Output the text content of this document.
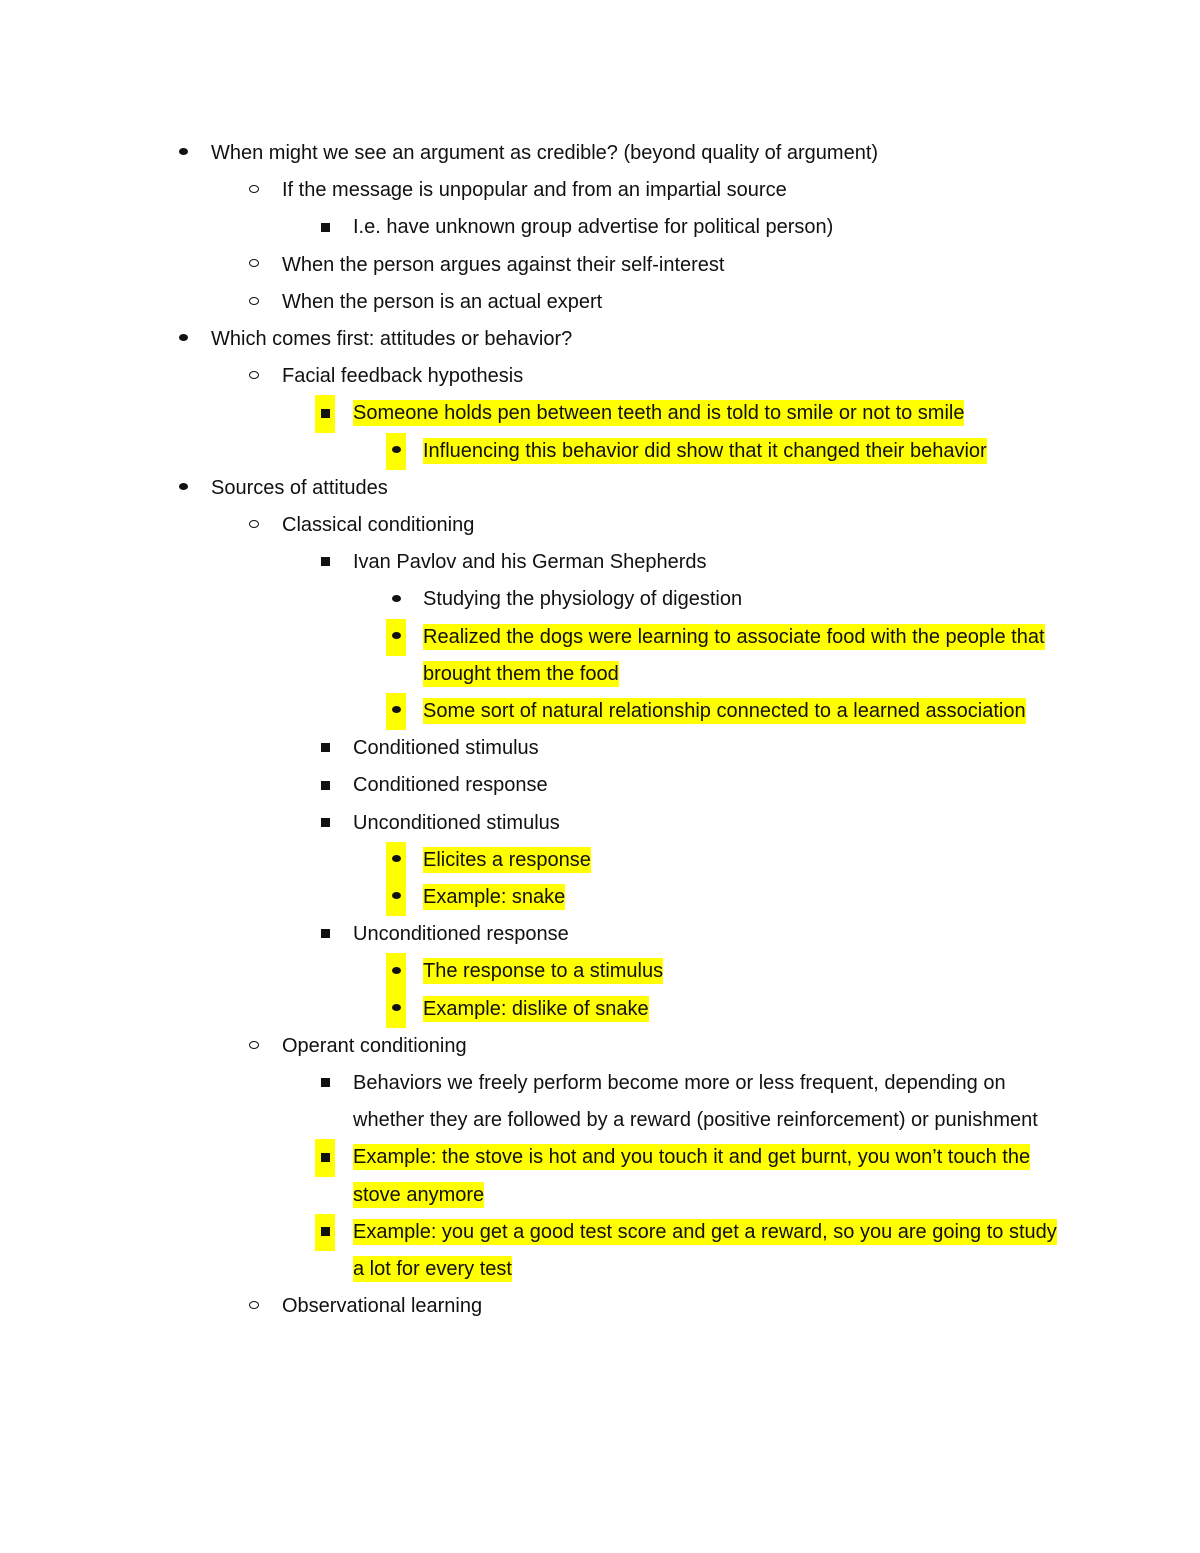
When might we see an argument as credible? (beyond quality of argument)
If the message is unpopular and from an impartial source
I.e. have unknown group advertise for political person)
When the person argues against their self-interest
When the person is an actual expert
Which comes first: attitudes or behavior?
Facial feedback hypothesis
Someone holds pen between teeth and is told to smile or not to smile
Influencing this behavior did show that it changed their behavior
Sources of attitudes
Classical conditioning
Ivan Pavlov and his German Shepherds
Studying the physiology of digestion
Realized the dogs were learning to associate food with the people that brought them the food
Some sort of natural relationship connected to a learned association
Conditioned stimulus
Conditioned response
Unconditioned stimulus
Elicites a response
Example: snake
Unconditioned response
The response to a stimulus
Example: dislike of snake
Operant conditioning
Behaviors we freely perform become more or less frequent, depending on whether they are followed by a reward (positive reinforcement) or punishment
Example: the stove is hot and you touch it and get burnt, you won’t touch the stove anymore
Example: you get a good test score and get a reward, so you are going to study a lot for every test
Observational learning
